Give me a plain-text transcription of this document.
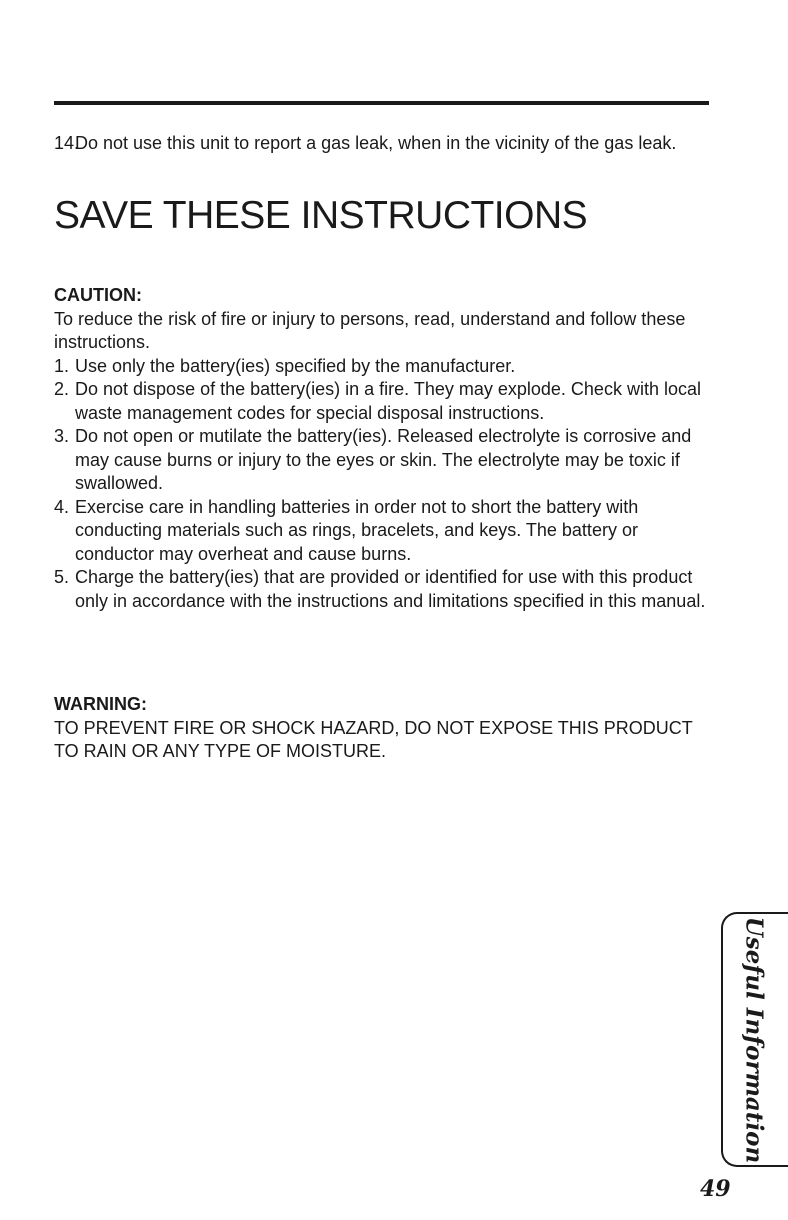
14.
Do not use this unit to report a gas leak, when in the vicinity of the gas leak.
SAVE THESE INSTRUCTIONS
CAUTION:
To reduce the risk of fire or injury to persons, read, understand and follow these instructions.
1. Use only the battery(ies) specified by the manufacturer.
2. Do not dispose of the battery(ies) in a fire. They may explode. Check with local waste management codes for special disposal instructions.
3. Do not open or mutilate the battery(ies). Released electrolyte is corrosive and may cause burns or injury to the eyes or skin. The electrolyte may be toxic if swallowed.
4. Exercise care in handling batteries in order not to short the battery with conducting materials such as rings, bracelets, and keys. The battery or conductor may overheat and cause burns.
5. Charge the battery(ies) that are provided or identified for use with this product only in accordance with the instructions and limitations specified in this manual.
WARNING:
TO PREVENT FIRE OR SHOCK HAZARD, DO NOT EXPOSE THIS PRODUCT TO RAIN OR ANY TYPE OF MOISTURE.
Useful Information
49
